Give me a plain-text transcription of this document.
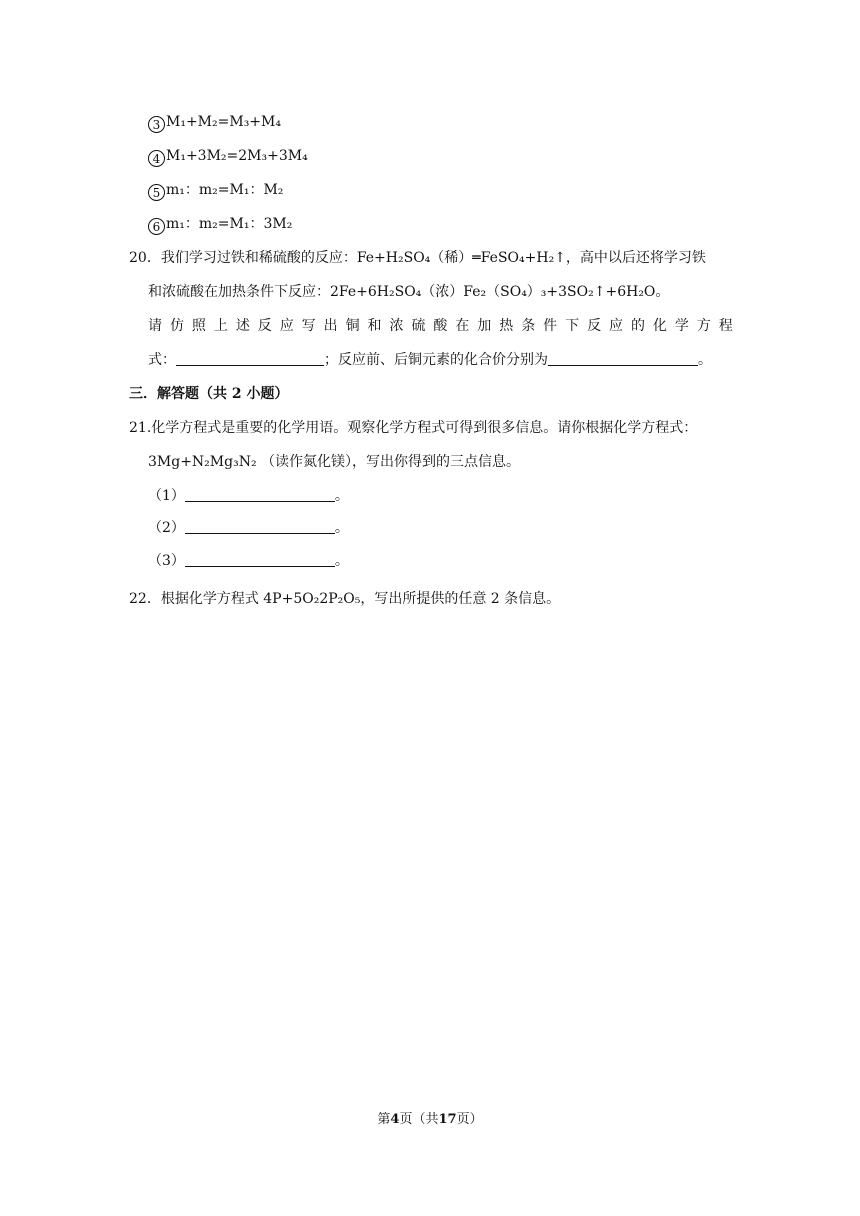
3 M₁+M₂=M₃+M₄
4 M₁+3M₂=2M₃+3M₄
5 m₁：m₂=M₁：M₂
6 m₁：m₂=M₁：3M₂
20．我们学习过铁和稀硫酸的反应：Fe+H₂SO₄（稀）═FeSO₄+H₂↑，高中以后还将学习铁
和浓硫酸在加热条件下反应：2Fe+6H₂SO₄（浓）Fe₂（SO₄）₃+3SO₂↑+6H₂O。
请 仿 照 上 述 反 应 写 出 铜 和 浓 硫 酸 在 加 热 条 件 下 反 应 的 化 学 方 程
式：	；反应前、后铜元素的化合价分别为	。
三．解答题（共 2 小题）
21.化学方程式是重要的化学用语。观察化学方程式可得到很多信息。请你根据化学方程式：
3Mg+N₂Mg₃N₂ （读作氮化镁），写出你得到的三点信息。
（1）	。
（2）	。
（3）	。
22．根据化学方程式 4P+5O₂2P₂O₅，写出所提供的任意 2 条信息。
第4页（共17页）
